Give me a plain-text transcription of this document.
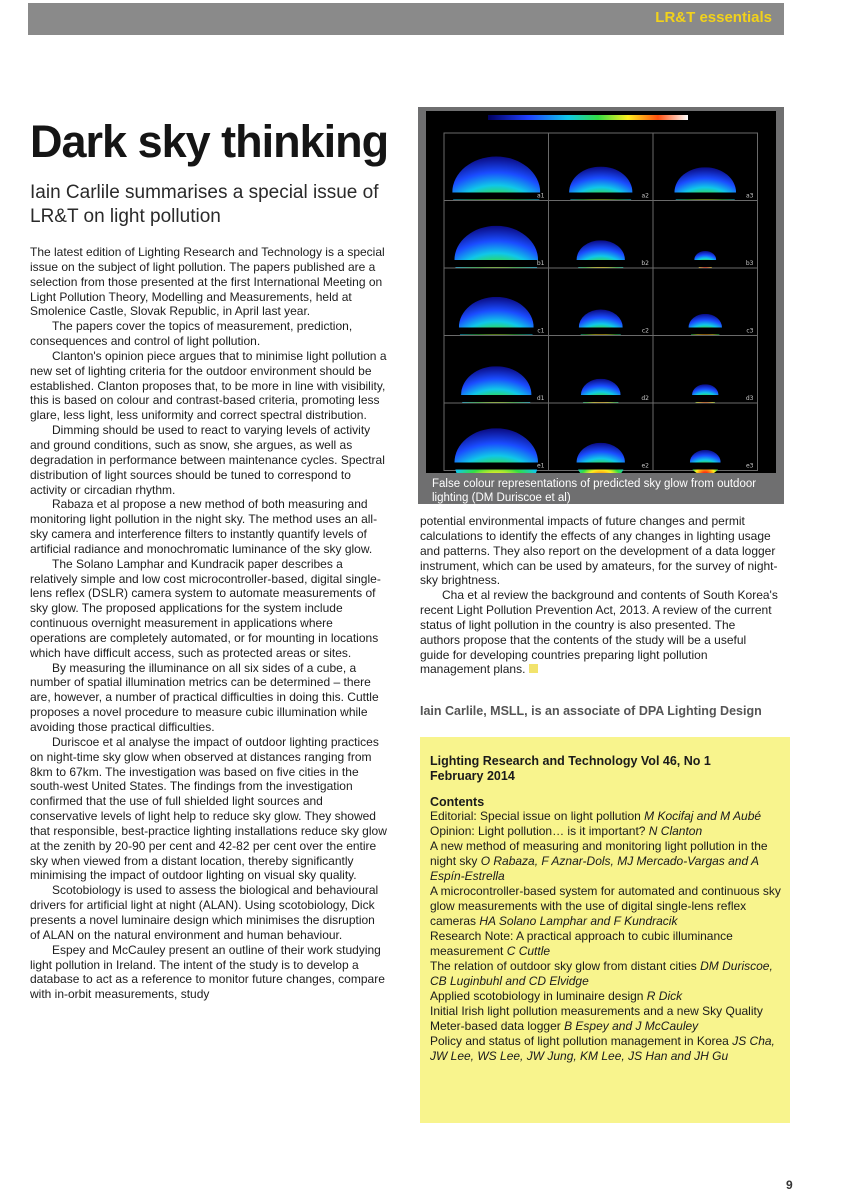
LR&T essentials
Dark sky thinking
Iain Carlile summarises a special issue of LR&T on light pollution

The latest edition of Lighting Research and Technology is a special issue on the subject of light pollution. The papers published are a selection from those presented at the first International Meeting on Light Pollution Theory, Modelling and Measurements, held at Smolenice Castle, Slovak Republic, in April last year.

The papers cover the topics of measurement, prediction, consequences and control of light pollution.

Clanton's opinion piece argues that to minimise light pollution a new set of lighting criteria for the outdoor environment should be established. Clanton proposes that, to be more in line with visibility, this is based on colour and contrast-based criteria, promoting less glare, less light, less uniformity and correct spectral distribution.

Dimming should be used to react to varying levels of activity and ground conditions, such as snow, she argues, as well as degradation in performance between maintenance cycles. Spectral distribution of light sources should be tuned to correspond to activity or circadian rhythm.

Rabaza et al propose a new method of both measuring and monitoring light pollution in the night sky. The method uses an all-sky camera and interference filters to instantly quantify levels of artificial radiance and monochromatic luminance of the sky glow.

The Solano Lamphar and Kundracik paper describes a relatively simple and low cost microcontroller-based, digital single-lens reflex (DSLR) camera system to automate measurements of sky glow. The proposed applications for the system include continuous overnight measurement in applications where operations are completely automated, or for mounting in locations which have difficult access, such as protected areas or sites.

By measuring the illuminance on all six sides of a cube, a number of spatial illumination metrics can be determined – there are, however, a number of practical difficulties in doing this. Cuttle proposes a novel procedure to measure cubic illumination while avoiding those practical difficulties.

Duriscoe et al analyse the impact of outdoor lighting practices on night-time sky glow when observed at distances ranging from 8km to 67km. The investigation was based on five cities in the south-west United States. The findings from the investigation confirmed that the use of full shielded light sources and conservative levels of light help to reduce sky glow. They showed that responsible, best-practice lighting installations reduce sky glow at the zenith by 20-90 per cent and 42-82 per cent over the entire sky when viewed from a distant location, thereby significantly minimising the impact of outdoor lighting on visual sky quality.

Scotobiology is used to assess the biological and behavioural drivers for artificial light at night (ALAN). Using scotobiology, Dick presents a novel luminaire design which minimises the disruption of ALAN on the natural environment and human behaviour.

Espey and McCauley present an outline of their work studying light pollution in Ireland. The intent of the study is to develop a database to act as a reference to monitor future changes, compare with in-orbit measurements, study

a1	a2	a3
b1	b2	b3
c1	c2	c3
d1	d2	d3
e1	e2	e3
False colour representations of predicted sky glow from outdoor lighting (DM Duriscoe et al)

potential environmental impacts of future changes and permit calculations to identify the effects of any changes in lighting usage and patterns. They also report on the development of a data logger instrument, which can be used by amateurs, for the survey of night-sky brightness.

Cha et al review the background and contents of South Korea's recent Light Pollution Prevention Act, 2013. A review of the current status of light pollution in the country is also presented. The authors propose that the contents of the study will be a useful guide for developing countries preparing light pollution management plans.

Iain Carlile, MSLL, is an associate of DPA Lighting Design
Lighting Research and Technology Vol 46, No 1
February 2014
Contents

Editorial: Special issue on light pollution M Kocifaj and M Aubé

Opinion: Light pollution… is it important? N Clanton

A new method of measuring and monitoring light pollution in the night sky O Rabaza, F Aznar-Dols, MJ Mercado-Vargas and A Espín-Estrella

A microcontroller-based system for automated and continuous sky glow measurements with the use of digital single-lens reflex cameras HA Solano Lamphar and F Kundracik

Research Note: A practical approach to cubic illuminance measurement C Cuttle

The relation of outdoor sky glow from distant cities DM Duriscoe, CB Luginbuhl and CD Elvidge

Applied scotobiology in luminaire design R Dick

Initial Irish light pollution measurements and a new Sky Quality Meter-based data logger B Espey and J McCauley

Policy and status of light pollution management in Korea JS Cha, JW Lee, WS Lee, JW Jung, KM Lee, JS Han and JH Gu

9
